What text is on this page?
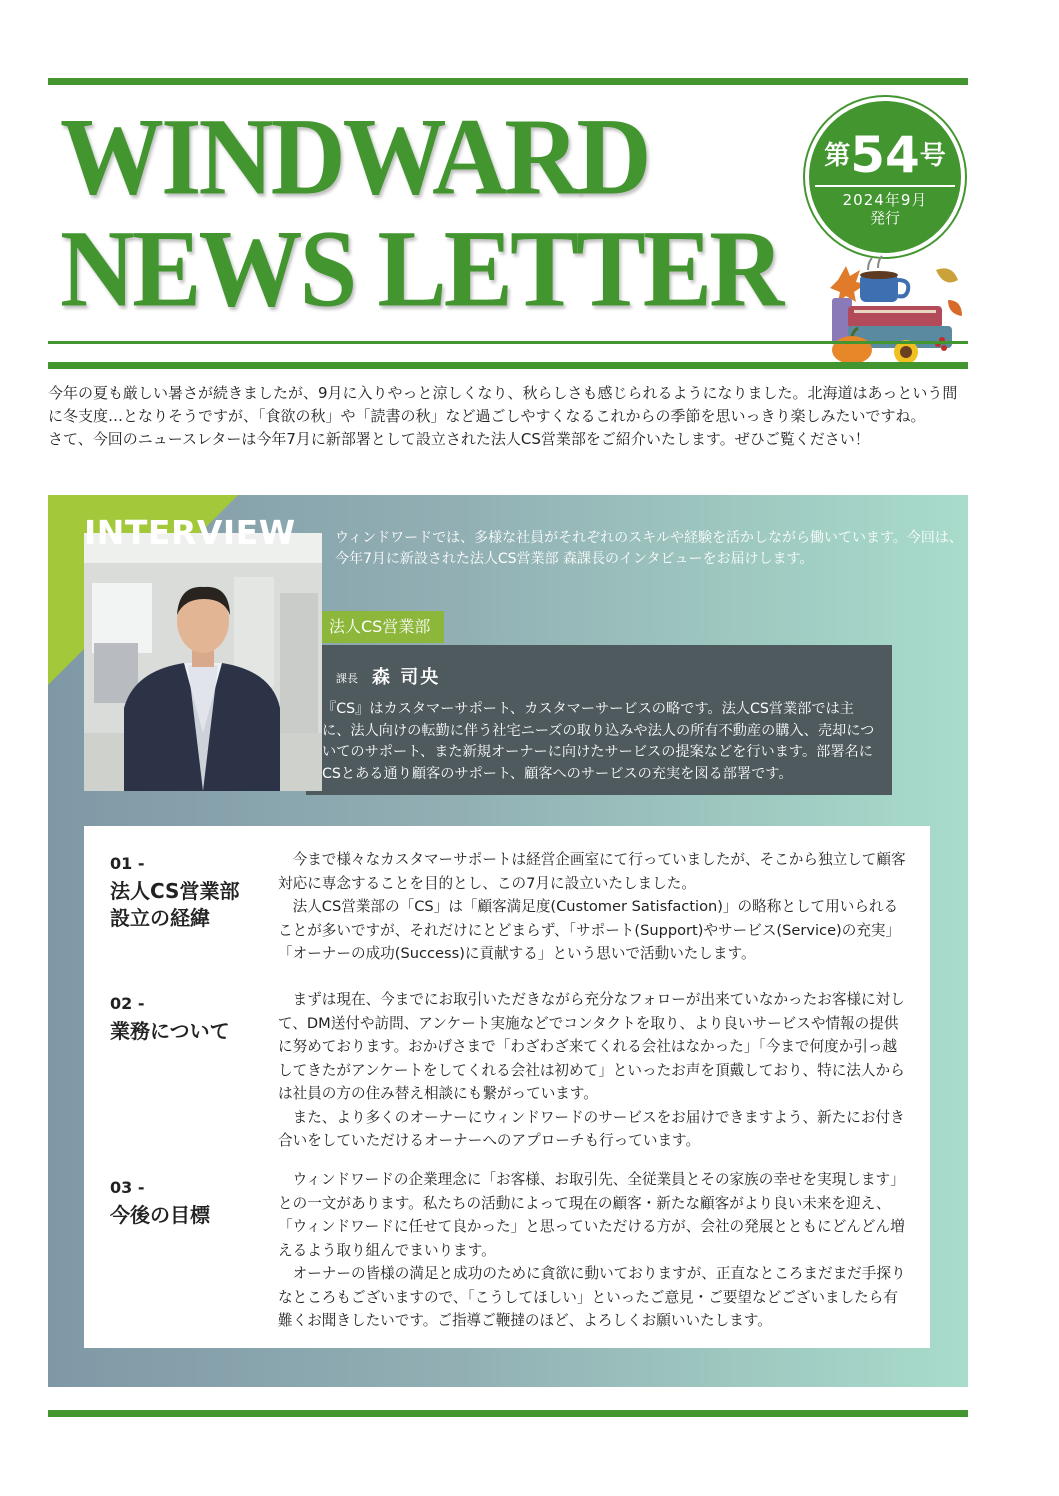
WINDWARD
NEWS LETTER
第54号
2024年9月
発行

今年の夏も厳しい暑さが続きましたが、9月に入りやっと涼しくなり、秋らしさも感じられるようになりました。北海道はあっという間に冬支度…となりそうですが、「食欲の秋」や「読書の秋」など過ごしやすくなるこれからの季節を思いっきり楽しみたいですね。

さて、今回のニュースレターは今年7月に新部署として設立された法人CS営業部をご紹介いたします。ぜひご覧ください！

INTERVIEW	ウィンドワードでは、多様な社員がそれぞれのスキルや経験を活かしながら働いています。今回は、今年7月に新設された法人CS営業部 森課長のインタビューをお届けします。
法人CS営業部
課長 森 司央
『CS』はカスタマーサポート、カスタマーサービスの略です。法人CS営業部では主に、法人向けの転勤に伴う社宅ニーズの取り込みや法人の所有不動産の購入、売却についてのサポート、また新規オーナーに向けたサービスの提案などを行います。部署名にCSとある通り顧客のサポート、顧客へのサービスの充実を図る部署です。
01 -
法人CS営業部設立の経緯

今まで様々なカスタマーサポートは経営企画室にて行っていましたが、そこから独立して顧客対応に専念することを目的とし、この7月に設立いたしました。

法人CS営業部の「CS」は「顧客満足度(Customer Satisfaction)」の略称として用いられることが多いですが、それだけにとどまらず、「サポート(Support)やサービス(Service)の充実」「オーナーの成功(Success)に貢献する」という思いで活動いたします。

02 -
業務について

まずは現在、今までにお取引いただきながら充分なフォローが出来ていなかったお客様に対して、DM送付や訪問、アンケート実施などでコンタクトを取り、より良いサービスや情報の提供に努めております。おかげさまで「わざわざ来てくれる会社はなかった」「今まで何度か引っ越してきたがアンケートをしてくれる会社は初めて」といったお声を頂戴しており、特に法人からは社員の方の住み替え相談にも繋がっています。

また、より多くのオーナーにウィンドワードのサービスをお届けできますよう、新たにお付き合いをしていただけるオーナーへのアプローチも行っています。

03 -
今後の目標

ウィンドワードの企業理念に「お客様、お取引先、全従業員とその家族の幸せを実現します」との一文があります。私たちの活動によって現在の顧客・新たな顧客がより良い未来を迎え、「ウィンドワードに任せて良かった」と思っていただける方が、会社の発展とともにどんどん増えるよう取り組んでまいります。

オーナーの皆様の満足と成功のために貪欲に動いておりますが、正直なところまだまだ手探りなところもございますので、「こうしてほしい」といったご意見・ご要望などございましたら有難くお聞きしたいです。ご指導ご鞭撻のほど、よろしくお願いいたします。
